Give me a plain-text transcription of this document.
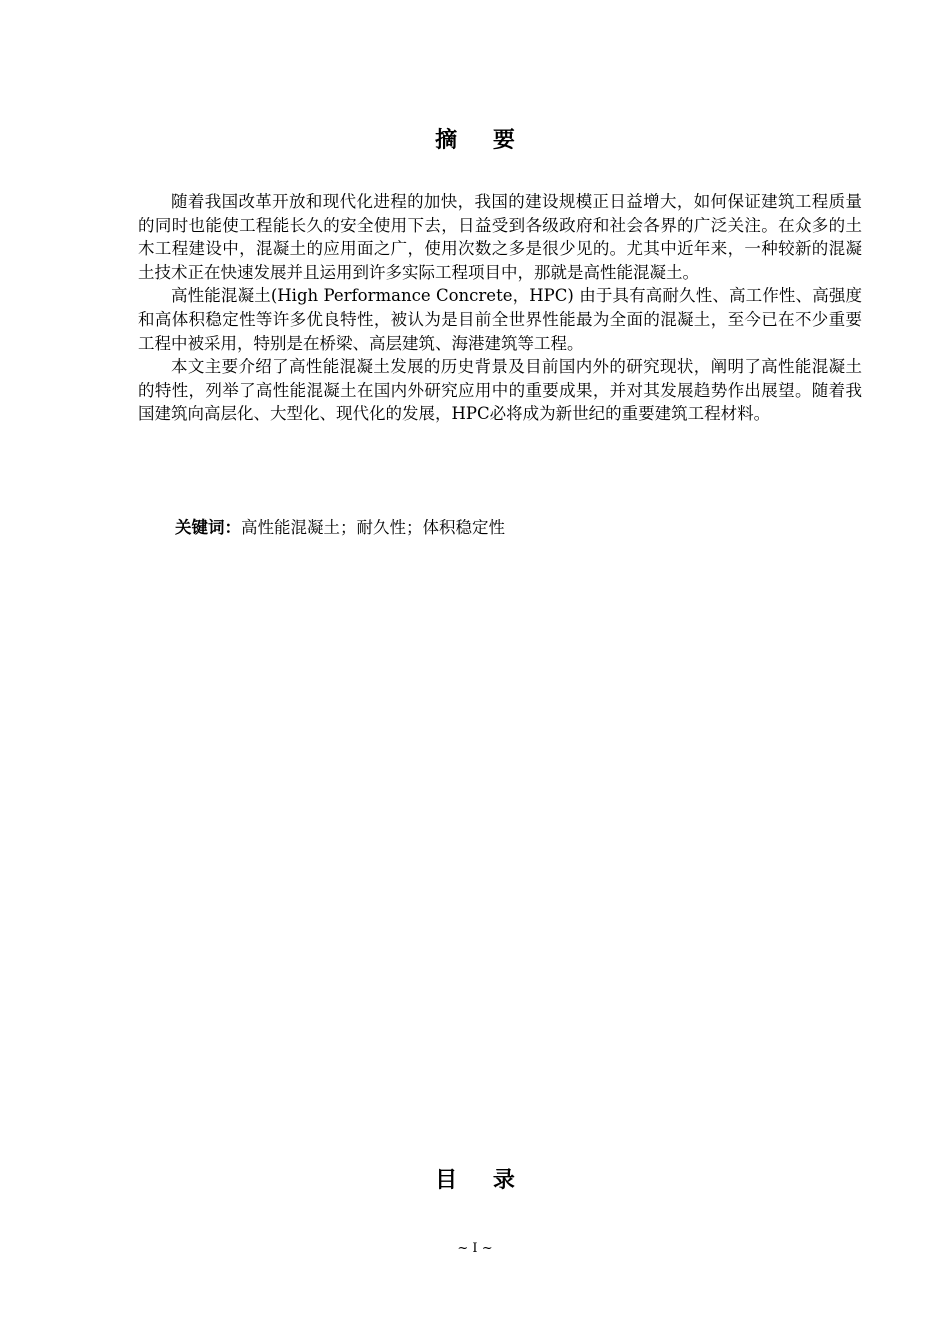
摘 要

随着我国改革开放和现代化进程的加快，我国的建设规模正日益增大，如何保证建筑工程质量的同时也能使工程能长久的安全使用下去，日益受到各级政府和社会各界的广泛关注。在众多的土木工程建设中，混凝土的应用面之广，使用次数之多是很少见的。尤其中近年来，一种较新的混凝土技术正在快速发展并且运用到许多实际工程项目中，那就是高性能混凝土。

高性能混凝土(High Performance Concrete，HPC) 由于具有高耐久性、高工作性、高强度和高体积稳定性等许多优良特性，被认为是目前全世界性能最为全面的混凝土，至今已在不少重要工程中被采用，特别是在桥梁、高层建筑、海港建筑等工程。

本文主要介绍了高性能混凝土发展的历史背景及目前国内外的研究现状，阐明了高性能混凝土的特性，列举了高性能混凝土在国内外研究应用中的重要成果，并对其发展趋势作出展望。随着我国建筑向高层化、大型化、现代化的发展，HPC必将成为新世纪的重要建筑工程材料。

关键词：高性能混凝土；耐久性；体积稳定性
目 录
~ I ~
